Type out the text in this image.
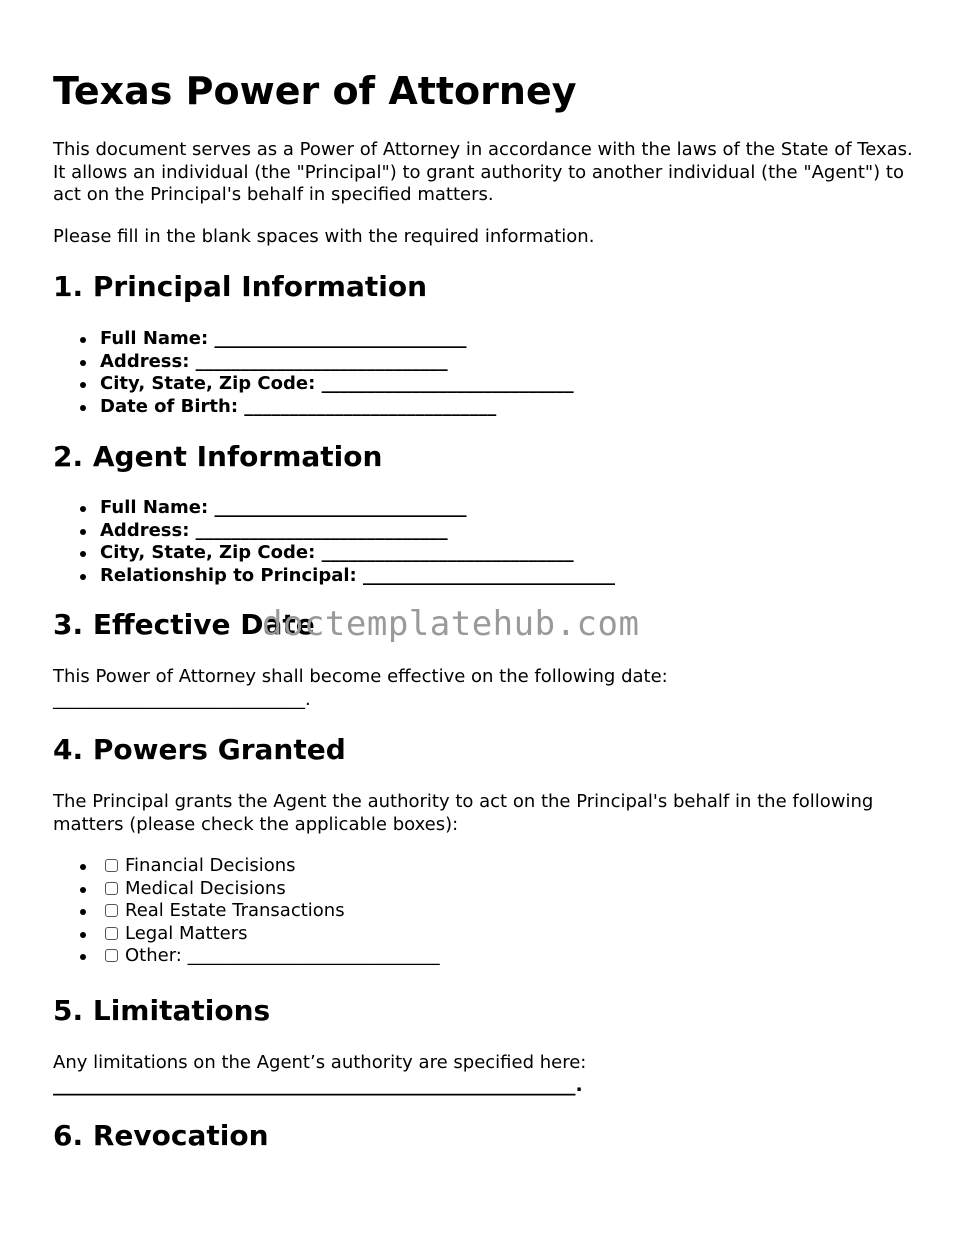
Texas Power of Attorney

This document serves as a Power of Attorney in accordance with the laws of the State of Texas. It allows an individual (the "Principal") to grant authority to another individual (the "Agent") to act on the Principal's behalf in specified matters.

Please fill in the blank spaces with the required information.

1. Principal Information
Full Name: ____________________________
Address: ____________________________
City, State, Zip Code: ____________________________
Date of Birth: ____________________________
2. Agent Information
Full Name: ____________________________
Address: ____________________________
City, State, Zip Code: ____________________________
Relationship to Principal: ____________________________
3. Effective Date

This Power of Attorney shall become effective on the following date:

____________________________.

4. Powers Granted

The Principal grants the Agent the authority to act on the Principal's behalf in the following matters (please check the applicable boxes):

Financial Decisions
Medical Decisions
Real Estate Transactions
Legal Matters
Other: ____________________________
5. Limitations

Any limitations on the Agent’s authority are specified here:

_______________________________________________________.

6. Revocation
doctemplatehub.com
